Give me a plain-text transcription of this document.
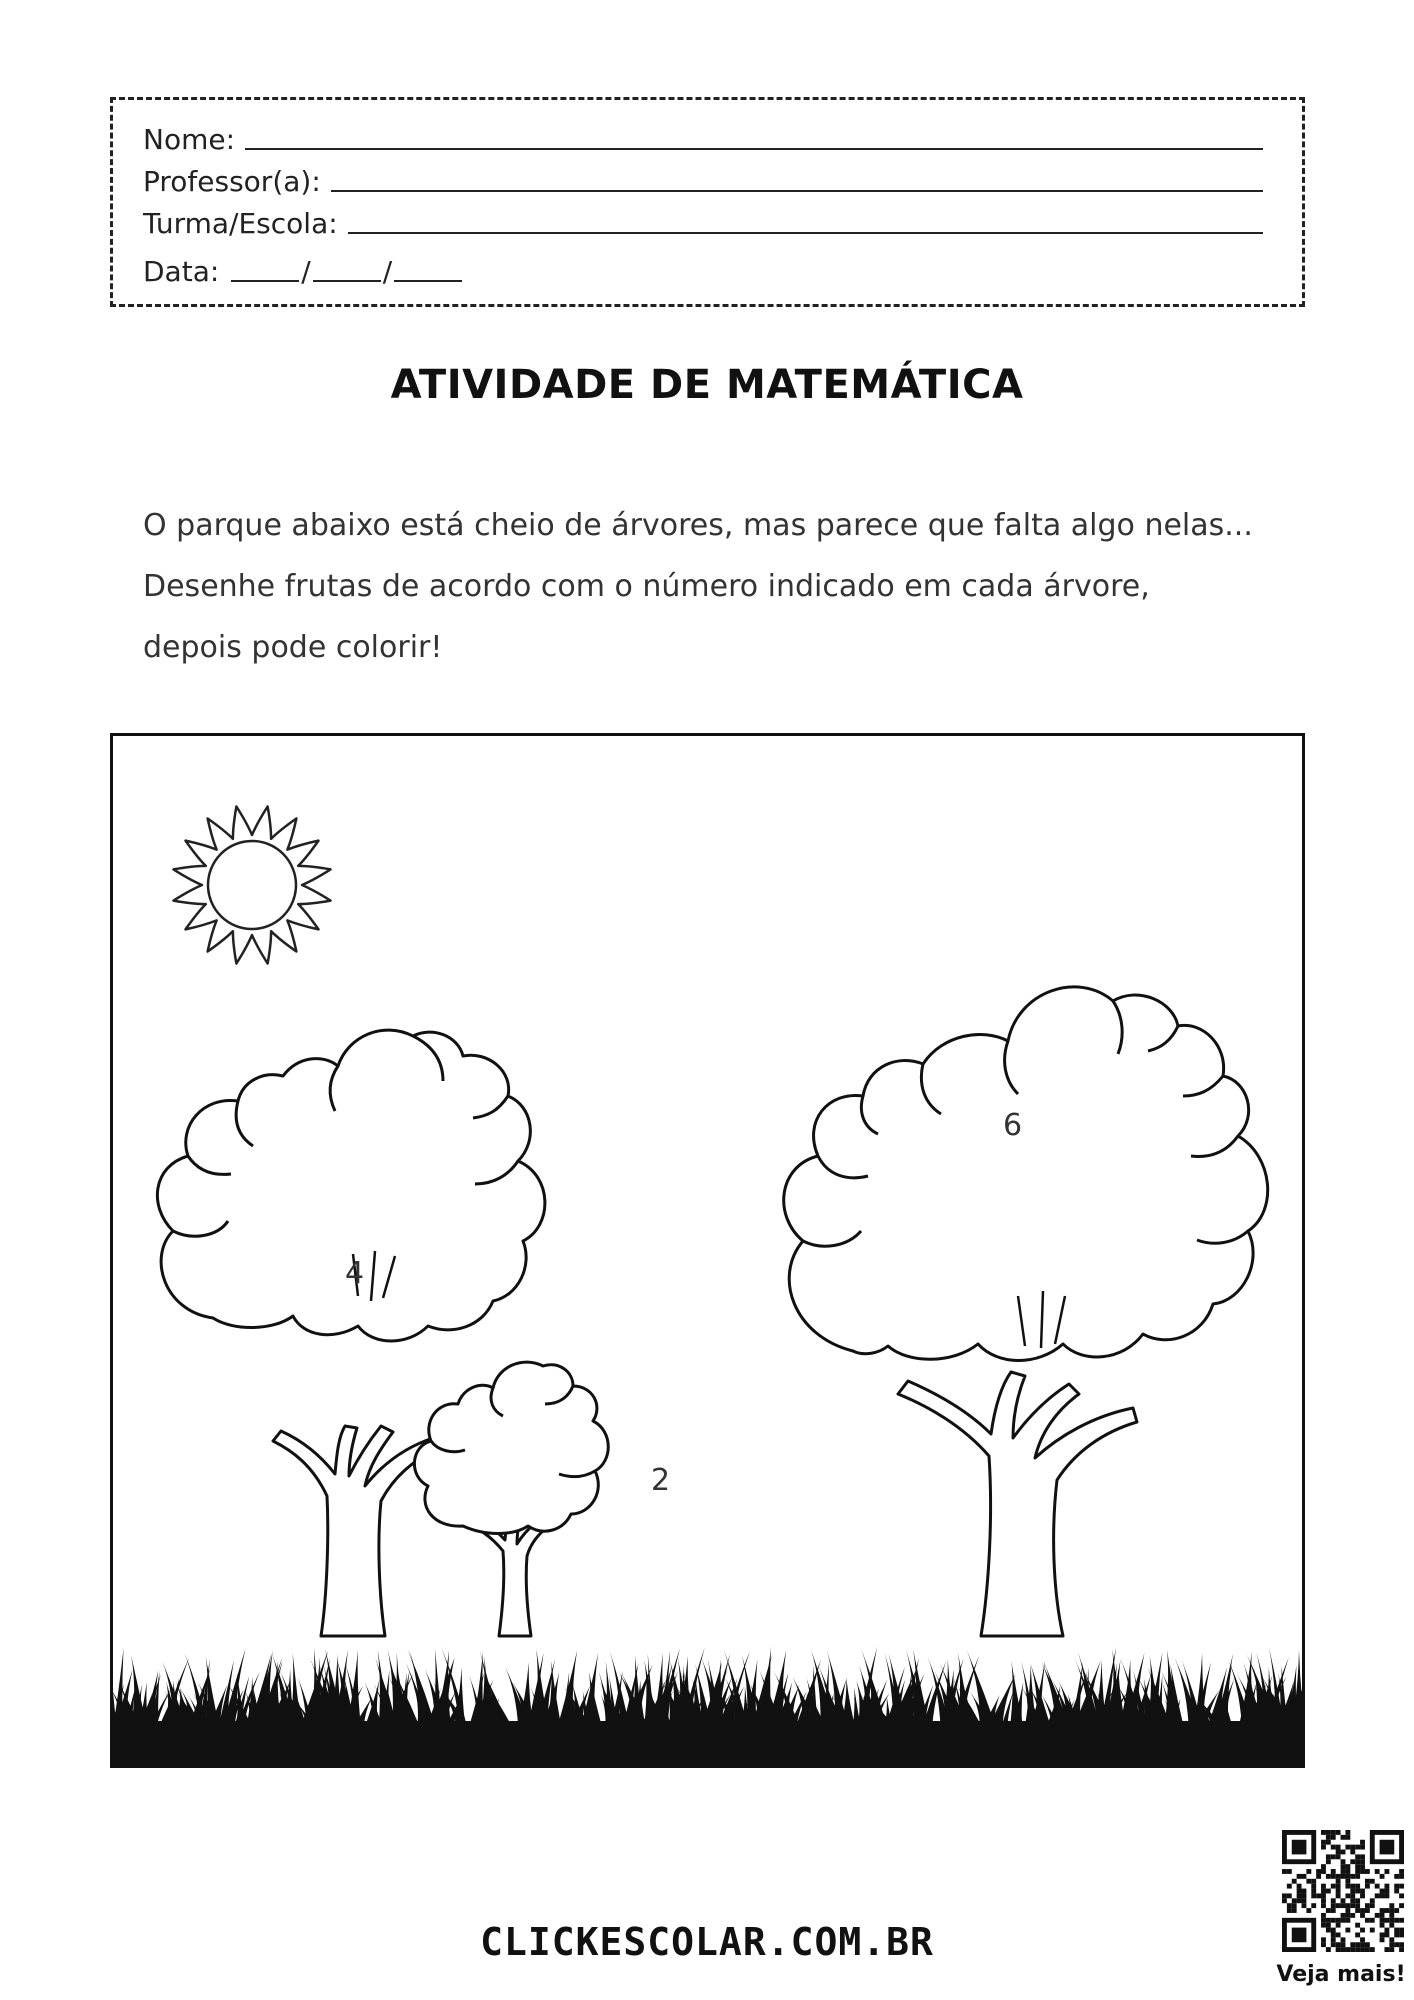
Nome:
Professor(a):
Turma/Escola:
Data:	/	/
ATIVIDADE DE MATEMÁTICA
O parque abaixo está cheio de árvores, mas parece que falta algo nelas...
Desenhe frutas de acordo com o número indicado em cada árvore,
depois pode colorir!
4
2
6
CLICKESCOLAR.COM.BR
Veja mais!
